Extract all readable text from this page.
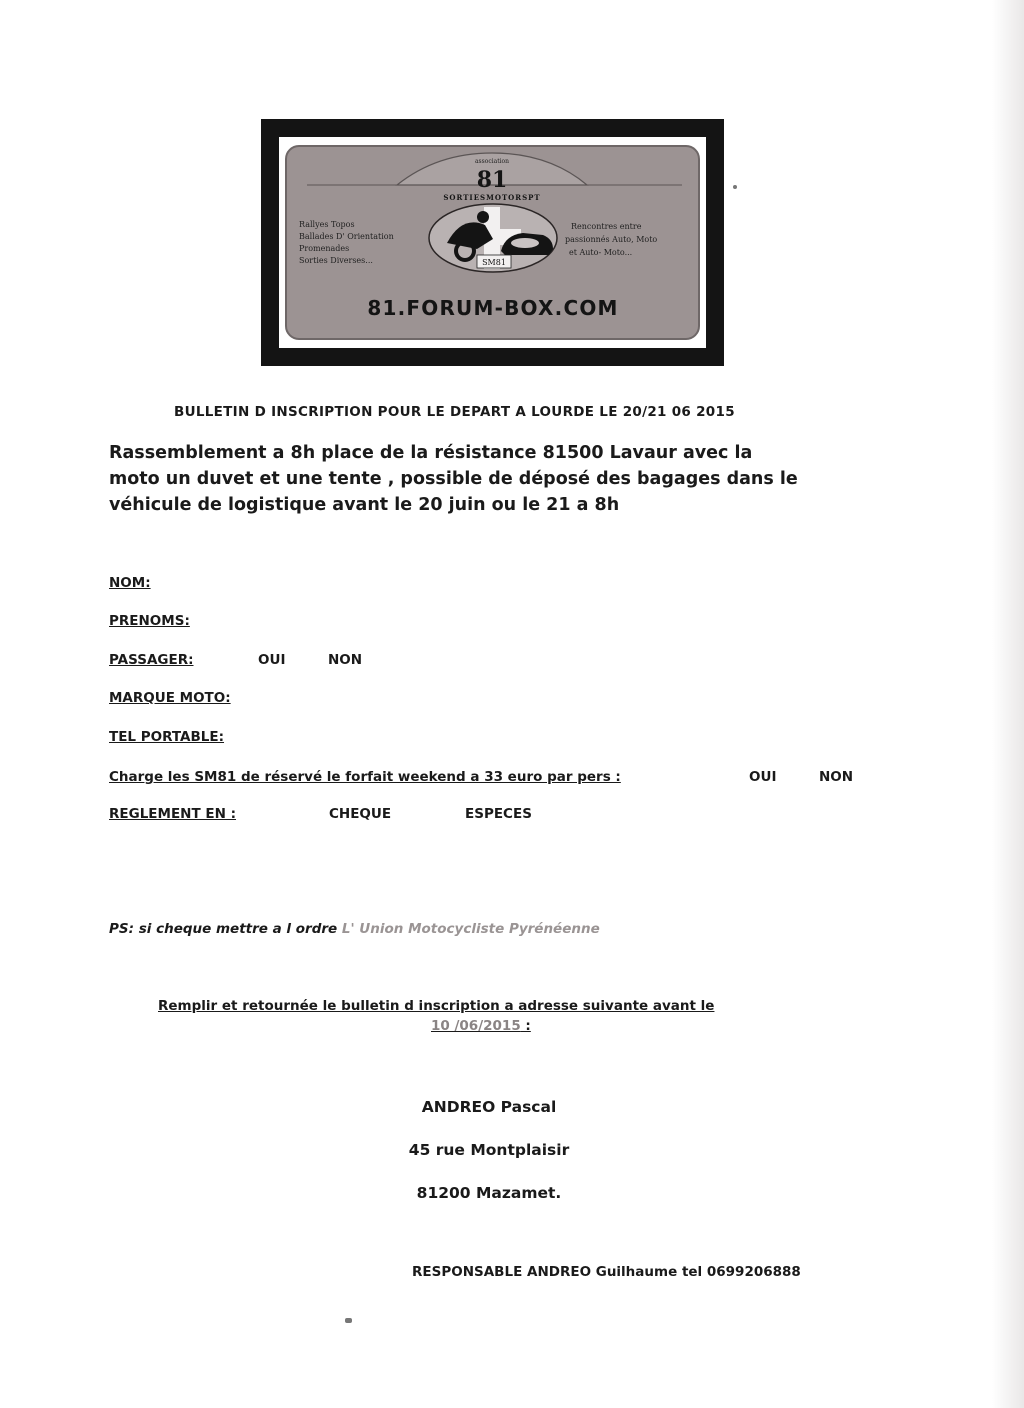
association
81
SORTIESMOTORSPT
Rallyes Topos
Ballades D' Orientation
Promenades
Sorties Diverses...
Rencontres entre
passionnés Auto, Moto
et Auto- Moto...
SM81
81.FORUM-BOX.COM

BULLETIN D INSCRIPTION POUR LE DEPART A LOURDE LE 20/21 06 2015

Rassemblement a 8h place de la résistance 81500 Lavaur avec la
moto un duvet et une tente , possible de déposé des bagages dans le
véhicule de logistique avant le 20 juin ou le 21 a 8h

NOM:

PRENOMS:

PASSAGER:	OUI	NON

MARQUE MOTO:

TEL PORTABLE:

Charge les SM81 de réservé le forfait weekend a 33 euro par pers :	OUI	NON

REGLEMENT EN :	CHEQUE	ESPECES

PS: si cheque mettre a l ordre L' Union Motocycliste Pyrénéenne

Remplir et retournée le bulletin d inscription a adresse suivante avant le

10 /06/2015 :

ANDREO Pascal

45 rue Montplaisir

81200 Mazamet.

RESPONSABLE ANDREO Guilhaume tel 0699206888
